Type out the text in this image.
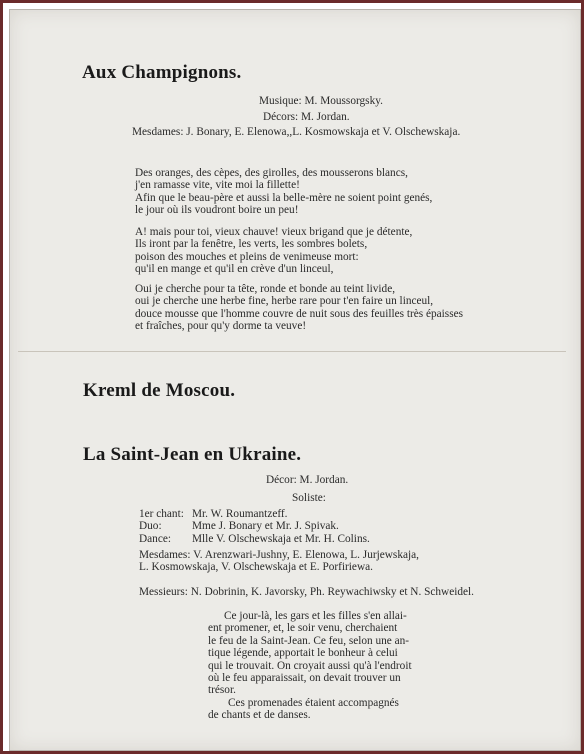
Aux Champignons.
Musique: M. Moussorgsky.
Décors: M. Jordan.
Mesdames: J. Bonary, E. Elenowa,,L. Kosmowskaja et V. Olschewskaja.
Des oranges, des cèpes, des girolles, des mousserons blancs,
j'en ramasse vite, vite moi la fillette!
Afin que le beau-père et aussi la belle-mère ne soient point genés,
le jour où ils voudront boire un peu!
A! mais pour toi, vieux chauve! vieux brigand que je détente,
Ils iront par la fenêtre, les verts, les sombres bolets,
poison des mouches et pleins de venimeuse mort:
qu'il en mange et qu'il en crève d'un linceul,
Oui je cherche pour ta tête, ronde et bonde au teint livide,
oui je cherche une herbe fine, herbe rare pour t'en faire un linceul,
douce mousse que l'homme couvre de nuit sous des feuilles très épaisses
et fraîches, pour qu'y dorme ta veuve!
Kreml de Moscou.
La Saint-Jean en Ukraine.
Décor: M. Jordan.
Soliste:
1er chant: Mr. W. Roumantzeff.
Duo:	Mme J. Bonary et Mr. J. Spivak.
Dance: Mlle V. Olschewskaja et Mr. H. Colins.
Mesdames: V. Arenzwari-Jushny, E. Elenowa, L. Jurjewskaja,
L. Kosmowskaja, V. Olschewskaja et E. Porfiriewa.
Messieurs: N. Dobrinin, K. Javorsky, Ph. Reywachiwsky et N. Schweidel.
Ce jour-là, les gars et les filles s'en allai-
ent promener, et, le soir venu, cherchaient
le feu de la Saint-Jean. Ce feu, selon une an-
tique légende, apportait le bonheur à celui
qui le trouvait. On croyait aussi qu'à l'endroit
où le feu apparaissait, on devait trouver un
trésor.
Ces promenades étaient accompagnés
de chants et de danses.
